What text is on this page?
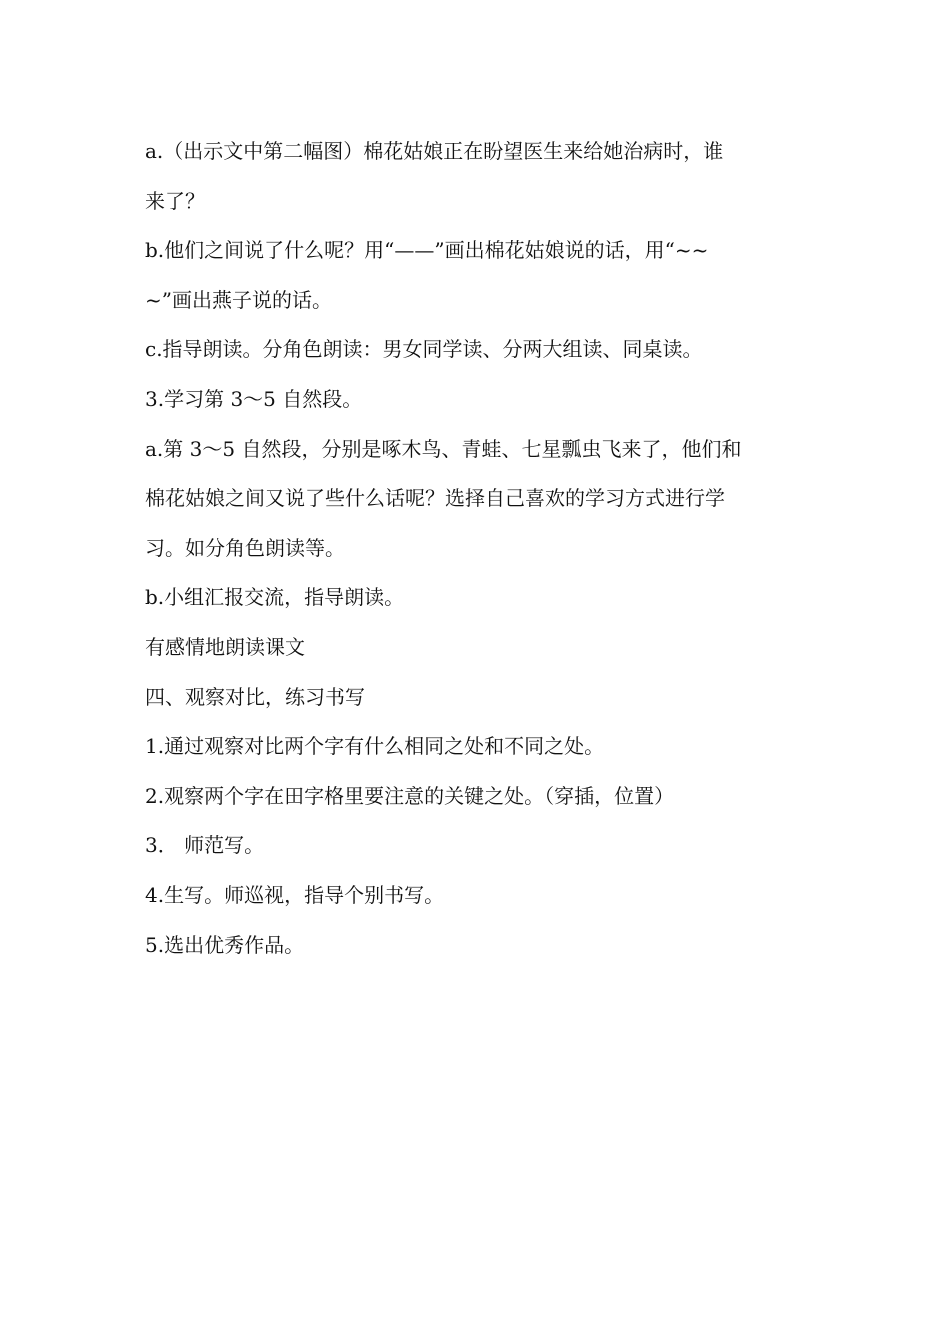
a.（出示文中第二幅图）棉花姑娘正在盼望医生来给她治病时，谁
来了？
b.他们之间说了什么呢？用“——”画出棉花姑娘说的话，用“~~
~”画出燕子说的话。
c.指导朗读。分角色朗读：男女同学读、分两大组读、同桌读。
3.学习第 3～5 自然段。
a.第 3～5 自然段，分别是啄木鸟、青蛙、七星瓢虫飞来了，他们和
棉花姑娘之间又说了些什么话呢？选择自己喜欢的学习方式进行学
习。如分角色朗读等。
b.小组汇报交流，指导朗读。
有感情地朗读课文
四、观察对比，练习书写
1.通过观察对比两个字有什么相同之处和不同之处。
2.观察两个字在田字格里要注意的关键之处。（穿插，位置）
3． 师范写。
4.生写。师巡视，指导个别书写。
5.选出优秀作品。
